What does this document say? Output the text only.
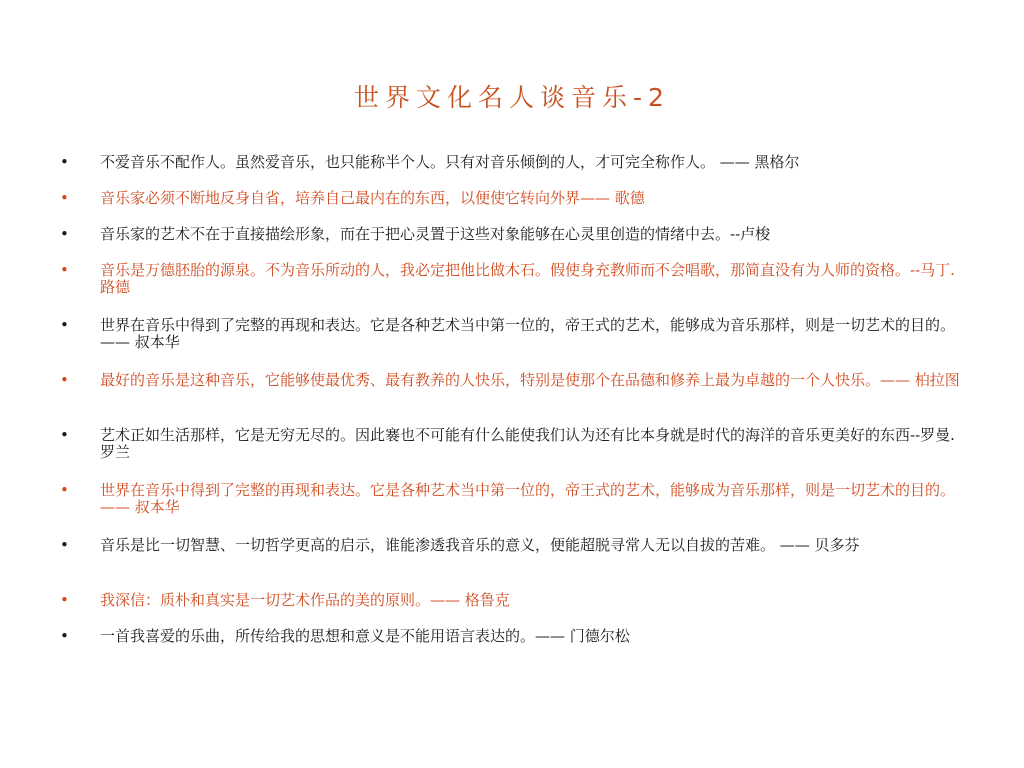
世界文化名人谈音乐-2
• 不爱音乐不配作人。虽然爱音乐，也只能称半个人。只有对音乐倾倒的人，才可完全称作人。 —— 黑格尔
• 音乐家必须不断地反身自省，培养自己最内在的东西，以便使它转向外界—— 歌德
• 音乐家的艺术不在于直接描绘形象，而在于把心灵置于这些对象能够在心灵里创造的情绪中去。--卢梭
• 音乐是万德胚胎的源泉。不为音乐所动的人，我必定把他比做木石。假使身充教师而不会唱歌，那简直没有为人师的资格。--马丁.路德
• 世界在音乐中得到了完整的再现和表达。它是各种艺术当中第一位的，帝王式的艺术，能够成为音乐那样，则是一切艺术的目的。 —— 叔本华
• 最好的音乐是这种音乐，它能够使最优秀、最有教养的人快乐，特别是使那个在品德和修养上最为卓越的一个人快乐。—— 柏拉图
• 艺术正如生活那样，它是无穷无尽的。因此褰也不可能有什么能使我们认为还有比本身就是时代的海洋的音乐更美好的东西--罗曼.罗兰
• 世界在音乐中得到了完整的再现和表达。它是各种艺术当中第一位的，帝王式的艺术，能够成为音乐那样，则是一切艺术的目的。—— 叔本华
• 音乐是比一切智慧、一切哲学更高的启示，谁能渗透我音乐的意义，便能超脱寻常人无以自拔的苦难。 —— 贝多芬
• 我深信：质朴和真实是一切艺术作品的美的原则。—— 格鲁克
• 一首我喜爱的乐曲，所传给我的思想和意义是不能用语言表达的。—— 门德尔松
